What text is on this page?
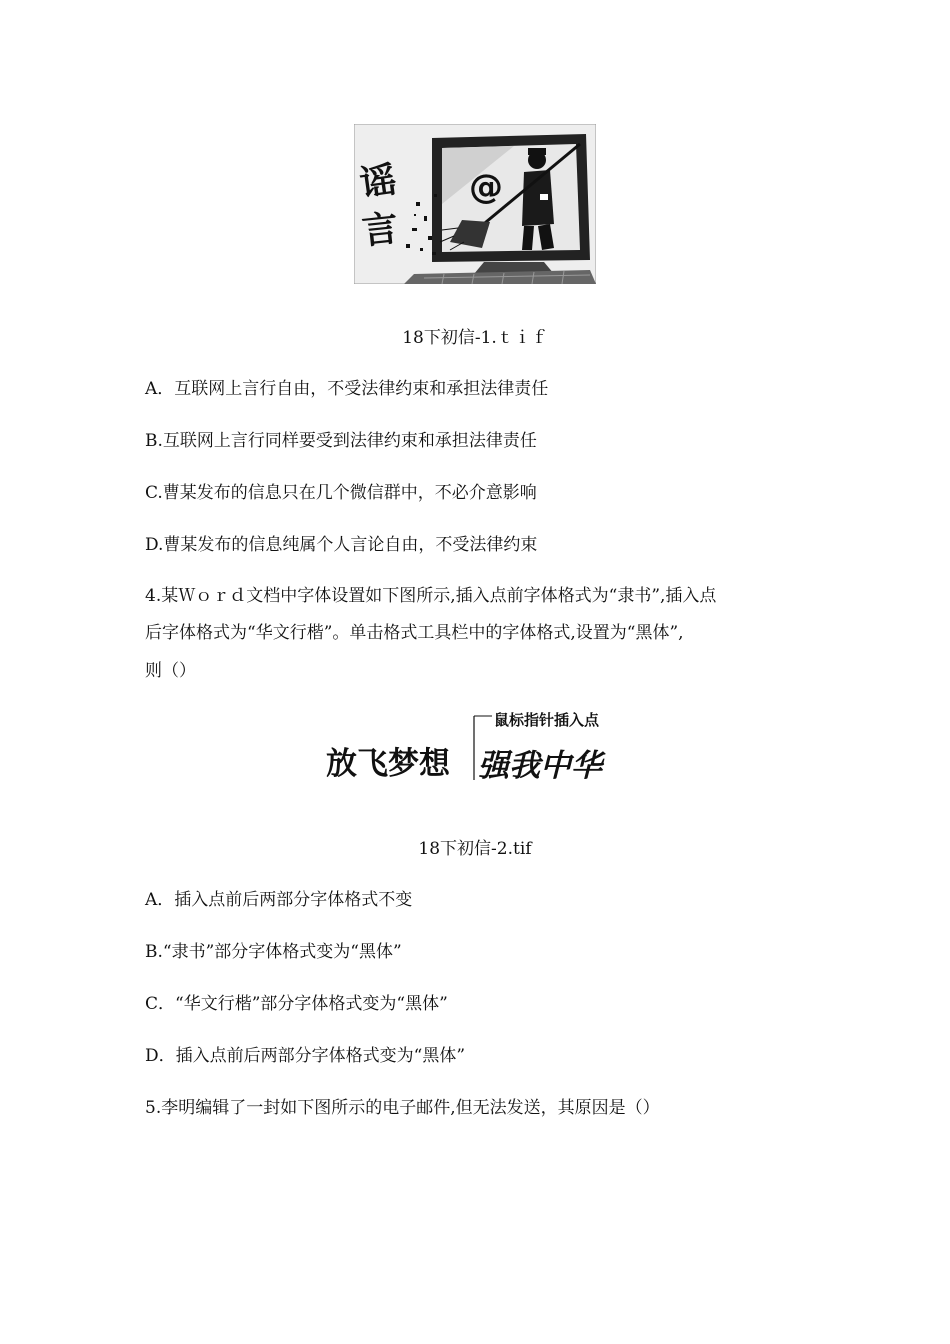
@
谣
言
18下初信-1.ｔｉｆ
A．互联网上言行自由，不受法律约束和承担法律责任
B.互联网上言行同样要受到法律约束和承担法律责任
C.曹某发布的信息只在几个微信群中，不必介意影响
D.曹某发布的信息纯属个人言论自由，不受法律约束
4.某Ｗｏｒｄ文档中字体设置如下图所示,插入点前字体格式为“隶书”,插入点
后字体格式为“华文行楷”。单击格式工具栏中的字体格式,设置为“黑体”,
则（）
鼠标指针插入点
放飞梦想 强我中华
18下初信-2.tif
A．插入点前后两部分字体格式不变
B.“隶书”部分字体格式变为“黑体”
C．“华文行楷”部分字体格式变为“黑体”
D．插入点前后两部分字体格式变为“黑体”
5.李明编辑了一封如下图所示的电子邮件,但无法发送，其原因是（）
